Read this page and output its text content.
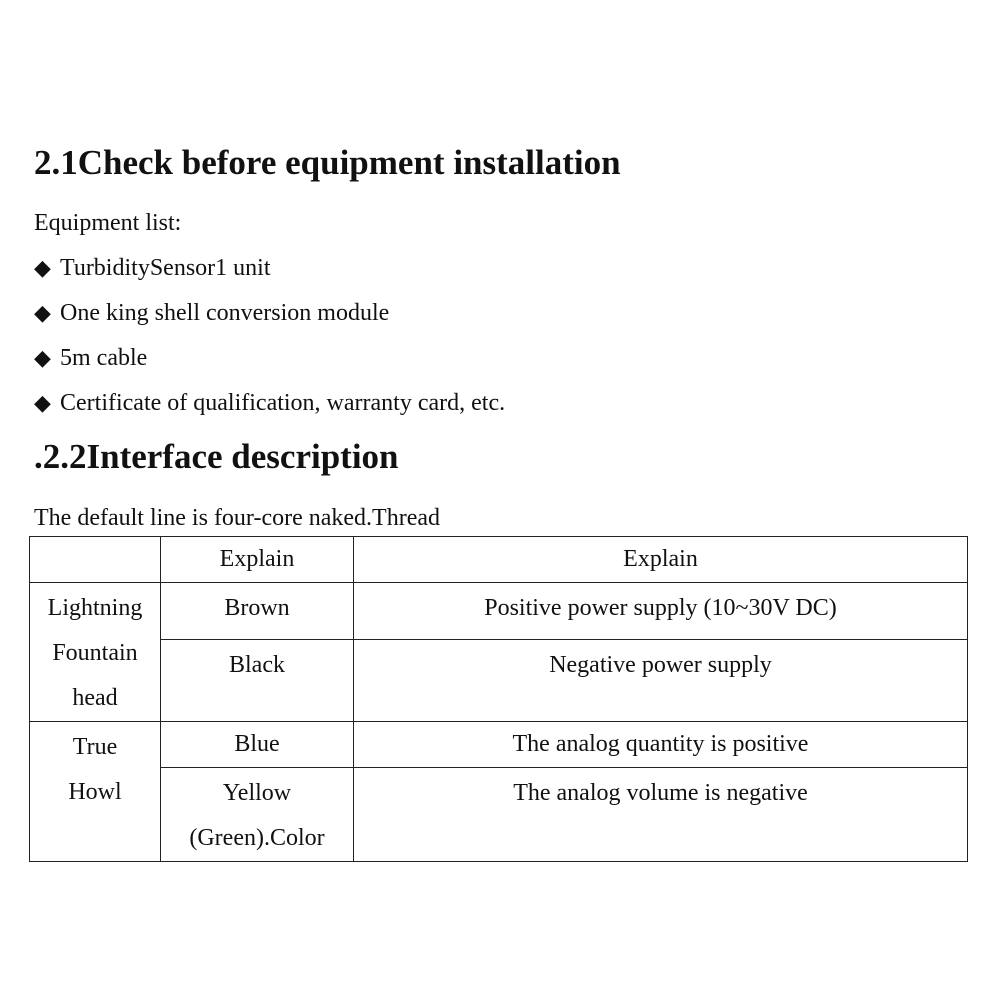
2.1Check before equipment installation

Equipment list:

◆ TurbiditySensor1 unit
◆ One king shell conversion module
◆ 5m cable
◆ Certificate of qualification, warranty card, etc.
.2.2Interface description

The default line is four-core naked.Thread

	Explain	Explain

Lightning
Fountain
head	Brown	Positive power supply (10~30V DC)

	Black	Negative power supply

True
Howl	Blue	The analog quantity is positive

	Yellow
(Green).Color	The analog volume is negative
